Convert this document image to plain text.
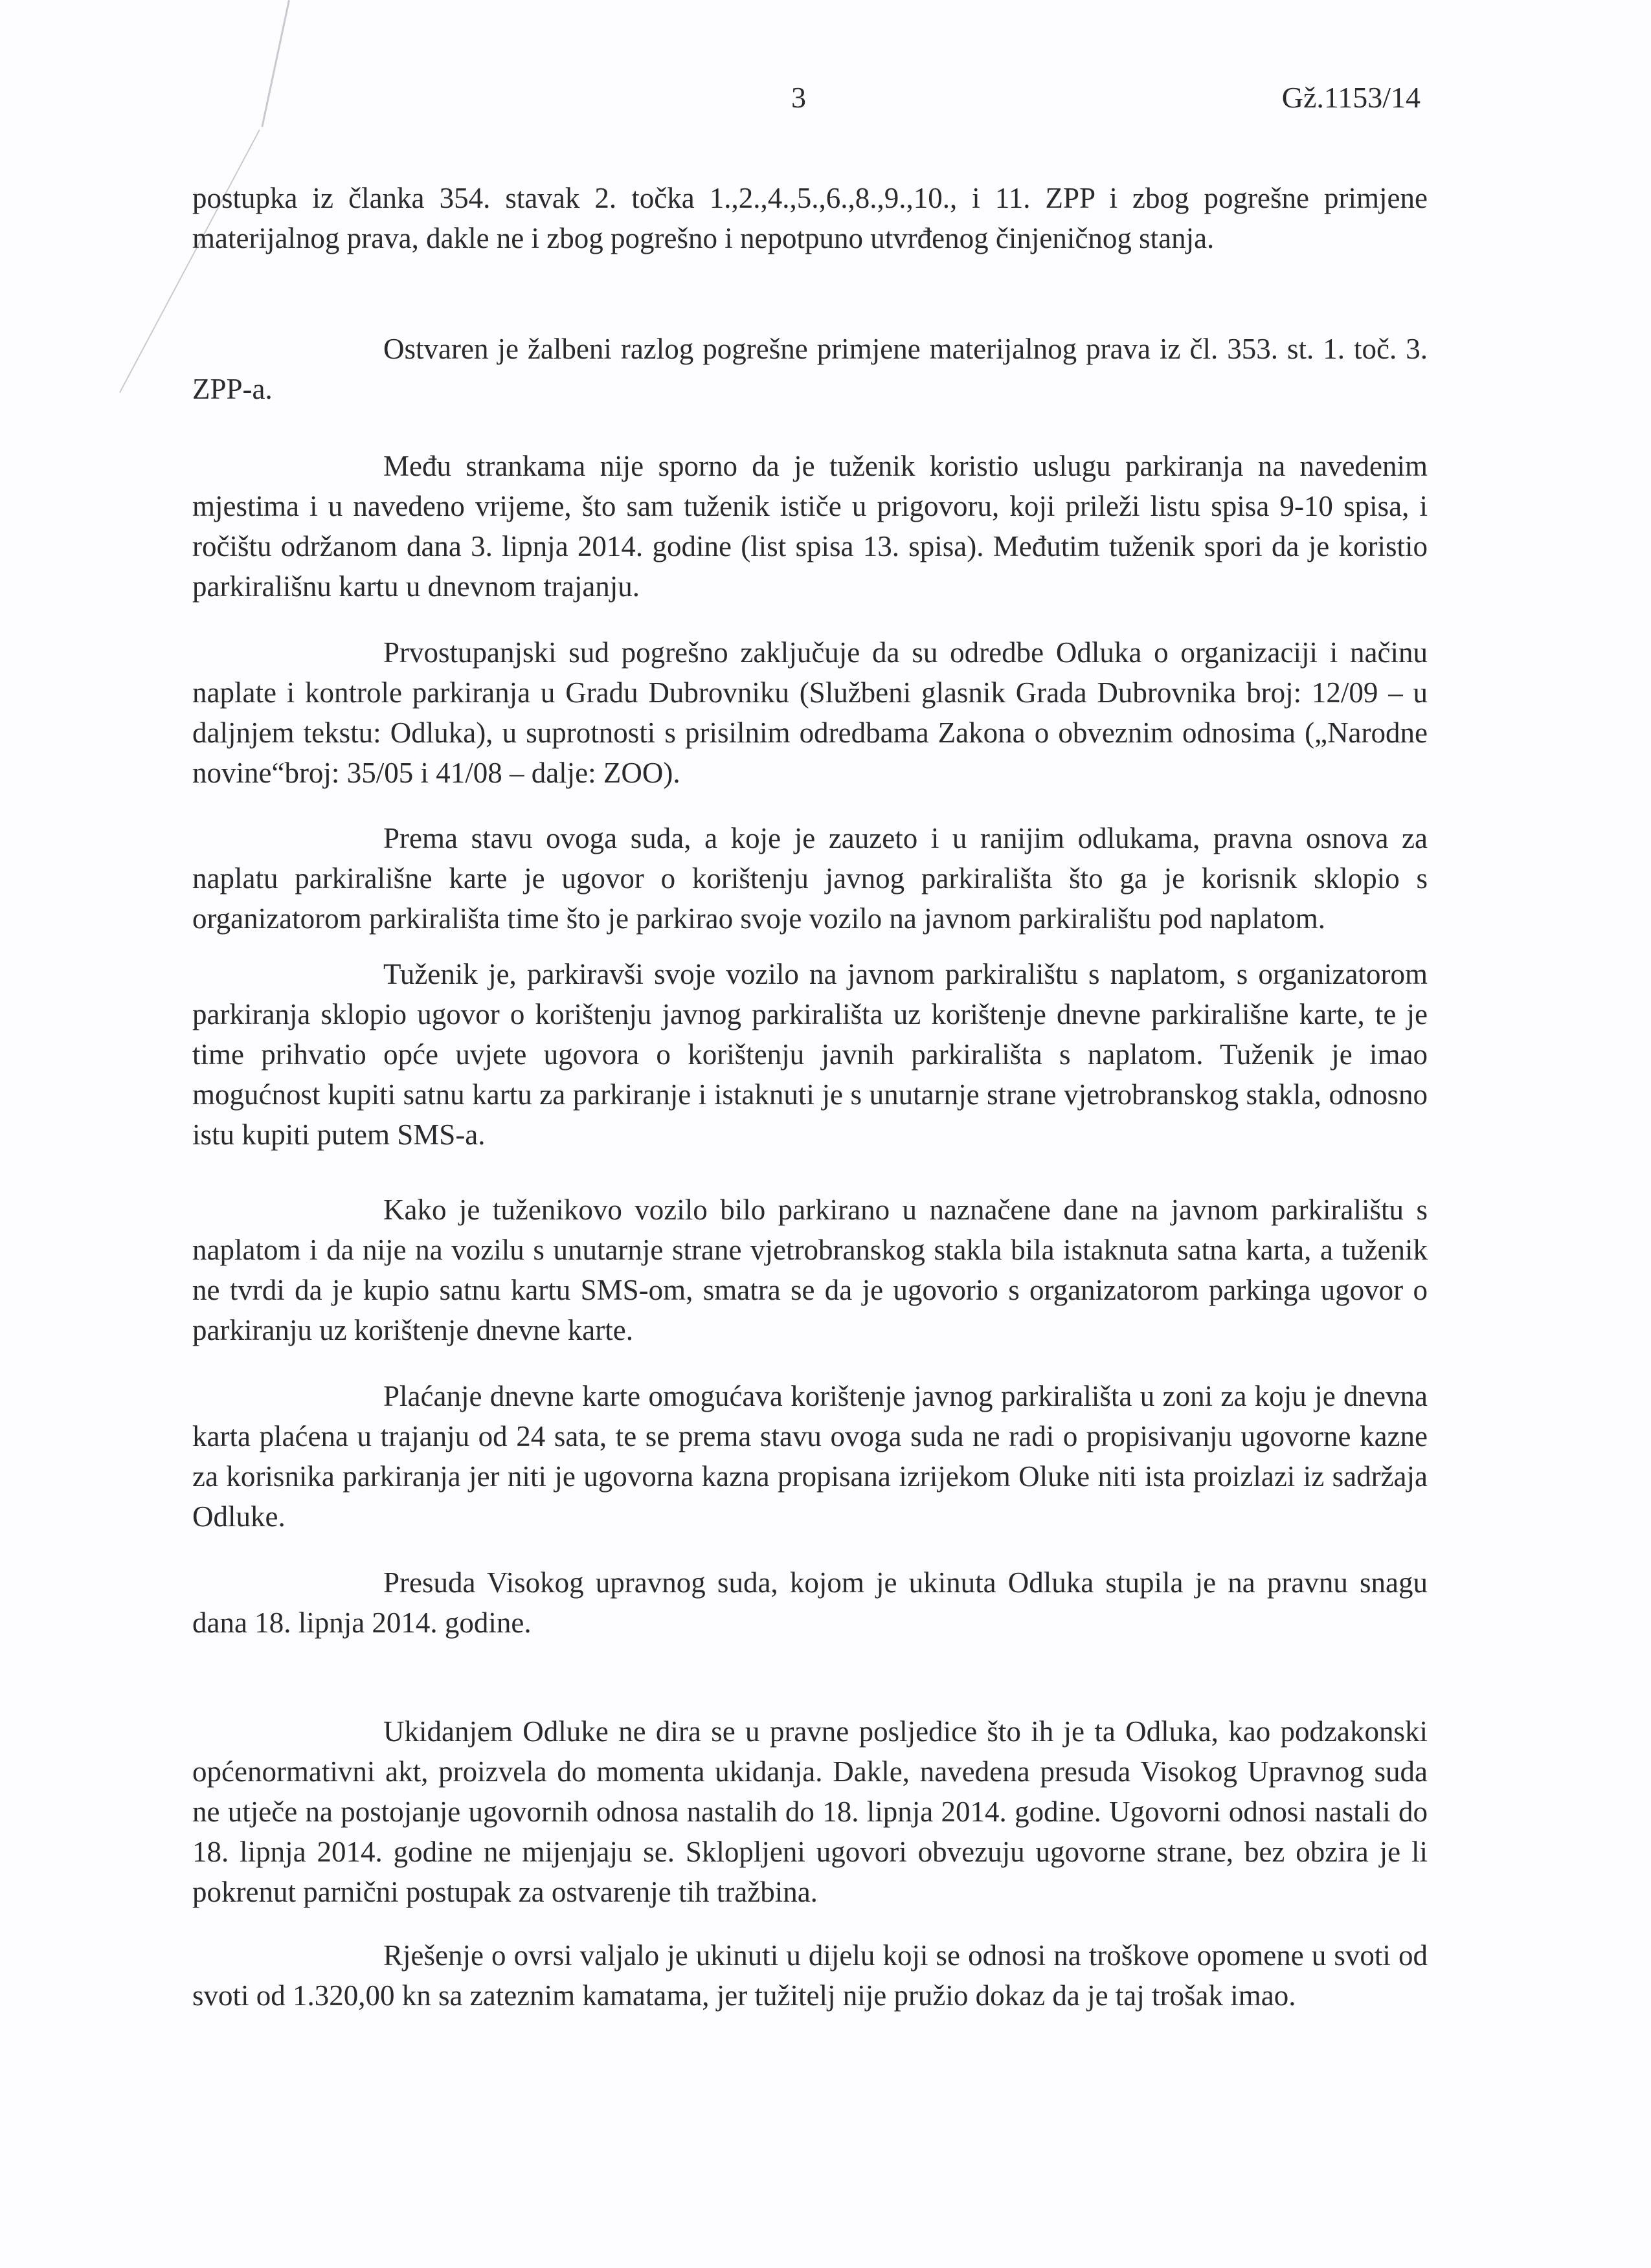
3	Gž.1153/14
postupka iz članka 354. stavak 2. točka 1.,2.,4.,5.,6.,8.,9.,10., i 11. ZPP i zbog pogrešne primjene materijalnog prava, dakle ne i zbog pogrešno i nepotpuno utvrđenog činjeničnog stanja.
Ostvaren je žalbeni razlog pogrešne primjene materijalnog prava iz čl. 353. st. 1. toč. 3. ZPP-a.
Među strankama nije sporno da je tuženik koristio uslugu parkiranja na navedenim mjestima i u navedeno vrijeme, što sam tuženik ističe u prigovoru, koji priležі listu spisa 9-10 spisa, i ročištu održanom dana 3. lipnja 2014. godine (list spisa 13. spisa). Međutim tuženik spori da je koristio parkirališnu kartu u dnevnom trajanju.
Prvostupanjski sud pogrešno zaključuje da su odredbe Odluka o organizaciji i načinu naplate i kontrole parkiranja u Gradu Dubrovniku (Službeni glasnik Grada Dubrovnika broj: 12/09 – u daljnjem tekstu: Odluka), u suprotnosti s prisilnim odredbama Zakona o obveznim odnosima („Narodne novine“broj: 35/05 i 41/08 – dalje: ZOO).
Prema stavu ovoga suda, a koje je zauzeto i u ranijim odlukama, pravna osnova za naplatu parkirališne karte je ugovor o korištenju javnog parkirališta što ga je korisnik sklopio s organizatorom parkirališta time što je parkirao svoje vozilo na javnom parkiralištu pod naplatom.
Tuženik je, parkiravši svoje vozilo na javnom parkiralištu s naplatom, s organizatorom parkiranja sklopio ugovor o korištenju javnog parkirališta uz korištenje dnevne parkirališne karte, te je time prihvatio opće uvjete ugovora o korištenju javnih parkirališta s naplatom. Tuženik je imao mogućnost kupiti satnu kartu za parkiranje i istaknuti je s unutarnje strane vjetrobranskog stakla, odnosno istu kupiti putem SMS-a.
Kako je tuženikovo vozilo bilo parkirano u naznačene dane na javnom parkiralištu s naplatom i da nije na vozilu s unutarnje strane vjetrobranskog stakla bila istaknuta satna karta, a tuženik ne tvrdi da je kupio satnu kartu SMS-om, smatra se da je ugovorio s organizatorom parkinga ugovor o parkiranju uz korištenje dnevne karte.
Plaćanje dnevne karte omogućava korištenje javnog parkirališta u zoni za koju je dnevna karta plaćena u trajanju od 24 sata, te se prema stavu ovoga suda ne radi o propisivanju ugovorne kazne za korisnika parkiranja jer niti je ugovorna kazna propisana izrijekom Oluke niti ista proizlazi iz sadržaja Odluke.
Presuda Visokog upravnog suda, kojom je ukinuta Odluka stupila je na pravnu snagu dana 18. lipnja 2014. godine.
Ukidanjem Odluke ne dira se u pravne posljedice što ih je ta Odluka, kao podzakonski općenormativni akt, proizvela do momenta ukidanja. Dakle, navedena presuda Visokog Upravnog suda ne utječe na postojanje ugovornih odnosa nastalih do 18. lipnja 2014. godine. Ugovorni odnosi nastali do 18. lipnja 2014. godine ne mijenjaju se. Sklopljeni ugovori obvezuju ugovorne strane, bez obzira je li pokrenut parnični postupak za ostvarenje tih tražbina.
Rješenje o ovrsi valjalo je ukinuti u dijelu koji se odnosi na troškove opomene u svoti od svoti od 1.320,00 kn sa zateznim kamatama, jer tužitelj nije pružio dokaz da je taj trošak imao.
